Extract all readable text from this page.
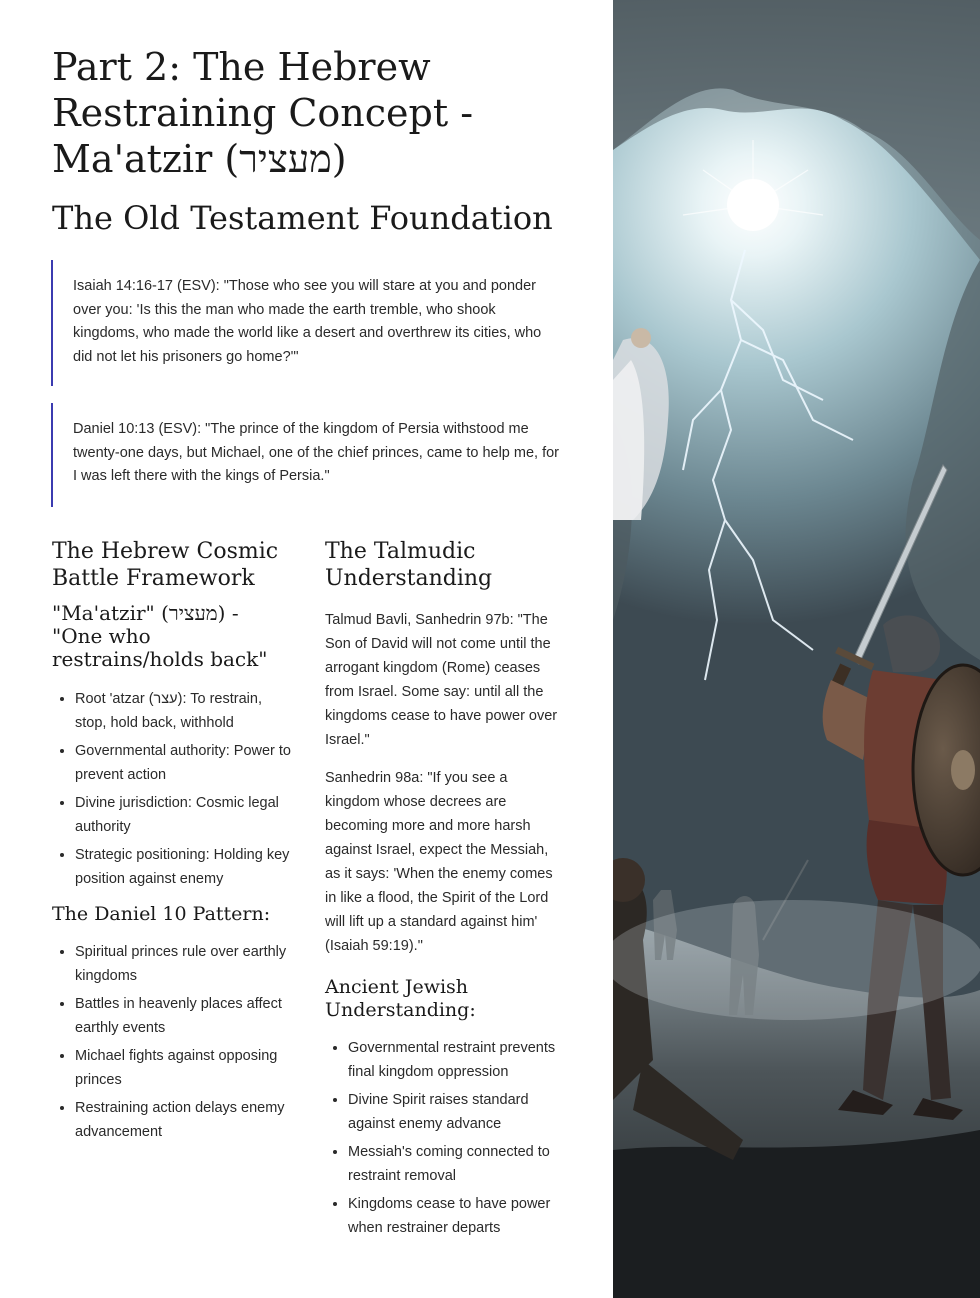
Part 2: The Hebrew Restraining Concept - Ma'atzir (מעציר)
The Old Testament Foundation
Isaiah 14:16-17 (ESV): "Those who see you will stare at you and ponder over you: 'Is this the man who made the earth tremble, who shook kingdoms, who made the world like a desert and overthrew its cities, who did not let his prisoners go home?'"
Daniel 10:13 (ESV): "The prince of the kingdom of Persia withstood me twenty-one days, but Michael, one of the chief princes, came to help me, for I was left there with the kings of Persia."
The Hebrew Cosmic Battle Framework
"Ma'atzir" (מעציר) - "One who restrains/holds back"
• Root 'atzar (עצר): To restrain, stop, hold back, withhold
• Governmental authority: Power to prevent action
• Divine jurisdiction: Cosmic legal authority
• Strategic positioning: Holding key position against enemy
The Daniel 10 Pattern:
• Spiritual princes rule over earthly kingdoms
• Battles in heavenly places affect earthly events
• Michael fights against opposing princes
• Restraining action delays enemy advancement
The Talmudic Understanding

Talmud Bavli, Sanhedrin 97b: "The Son of David will not come until the arrogant kingdom (Rome) ceases from Israel. Some say: until all the kingdoms cease to have power over Israel."

Sanhedrin 98a: "If you see a kingdom whose decrees are becoming more and more harsh against Israel, expect the Messiah, as it says: 'When the enemy comes in like a flood, the Spirit of the Lord will lift up a standard against him' (Isaiah 59:19)."

Ancient Jewish Understanding:
• Governmental restraint prevents final kingdom oppression
• Divine Spirit raises standard against enemy advance
• Messiah's coming connected to restraint removal
• Kingdoms cease to have power when restrainer departs
